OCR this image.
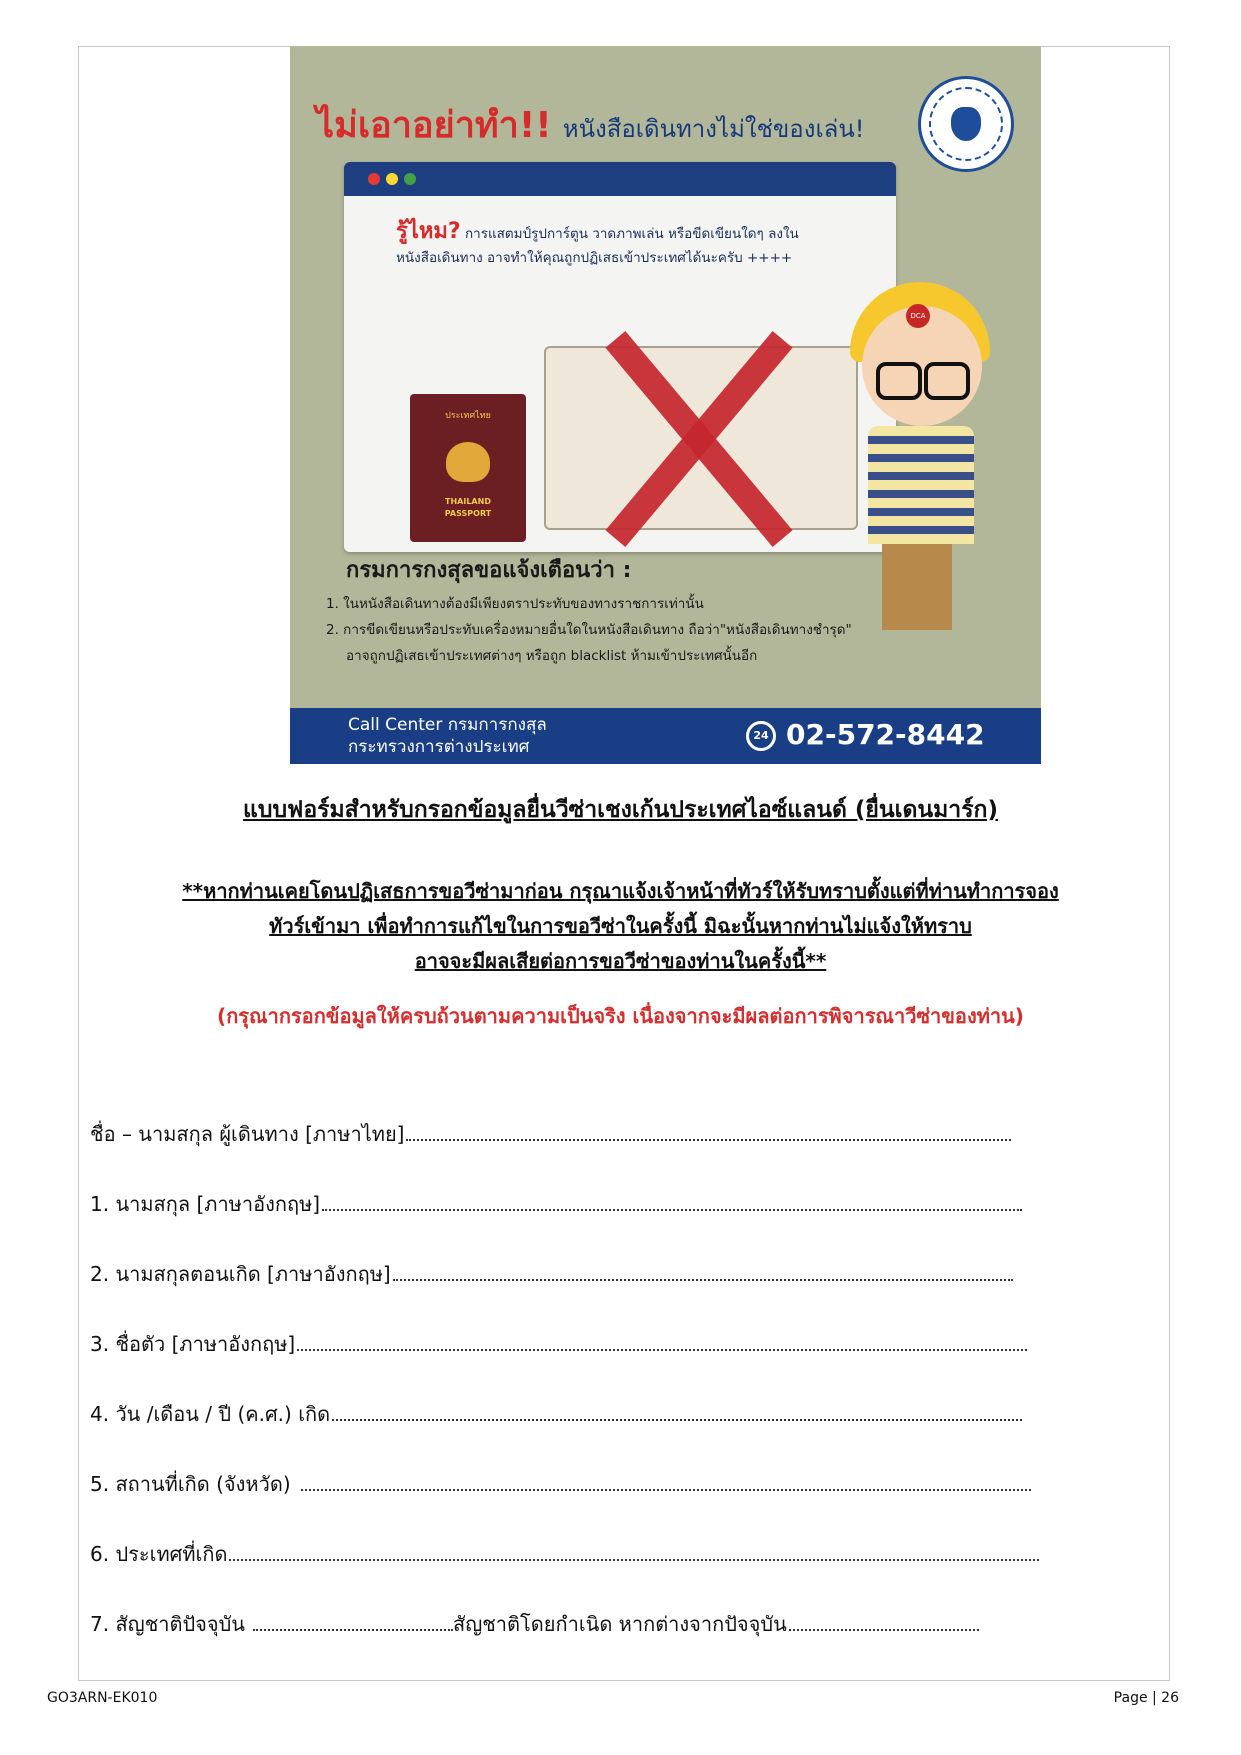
ไม่เอาอย่าทำ!! หนังสือเดินทางไม่ใช่ของเล่น!
รู้ไหม? การแสตมป์รูปการ์ตูน วาดภาพเล่น หรือขีดเขียนใดๆ ลงใน
หนังสือเดินทาง อาจทำให้คุณถูกปฏิเสธเข้าประเทศได้นะครับ ++++
ประเทศไทย
THAILAND
PASSPORT
DCA
กรมการกงสุลขอแจ้งเตือนว่า :
1. ในหนังสือเดินทางต้องมีเพียงตราประทับของทางราชการเท่านั้น
2. การขีดเขียนหรือประทับเครื่องหมายอื่นใดในหนังสือเดินทาง ถือว่า"หนังสือเดินทางชำรุด"
อาจถูกปฏิเสธเข้าประเทศต่างๆ หรือถูก blacklist ห้ามเข้าประเทศนั้นอีก
Call Center กรมการกงสุล
กระทรวงการต่างประเทศ
24 02-572-8442
แบบฟอร์มสำหรับกรอกข้อมูลยื่นวีซ่าเชงเก้นประเทศไอซ์แลนด์ (ยื่นเดนมาร์ก)
**หากท่านเคยโดนปฏิเสธการขอวีซ่ามาก่อน กรุณาแจ้งเจ้าหน้าที่ทัวร์ให้รับทราบตั้งแต่ที่ท่านทำการจอง
ทัวร์เข้ามา เพื่อทำการแก้ไขในการขอวีซ่าในครั้งนี้ มิฉะนั้นหากท่านไม่แจ้งให้ทราบ
อาจจะมีผลเสียต่อการขอวีซ่าของท่านในครั้งนี้**
(กรุณากรอกข้อมูลให้ครบถ้วนตามความเป็นจริง เนื่องจากจะมีผลต่อการพิจารณาวีซ่าของท่าน)
ชื่อ – นามสกุล ผู้เดินทาง [ภาษาไทย]
1. นามสกุล [ภาษาอังกฤษ]
2. นามสกุลตอนเกิด [ภาษาอังกฤษ]
3. ชื่อตัว [ภาษาอังกฤษ]
4. วัน /เดือน / ปี (ค.ศ.) เกิด
5. สถานที่เกิด (จังหวัด)
6. ประเทศที่เกิด
7. สัญชาติปัจจุบัน	สัญชาติโดยกำเนิด หากต่างจากปัจจุบัน
GO3ARN-EK010	Page | 26
